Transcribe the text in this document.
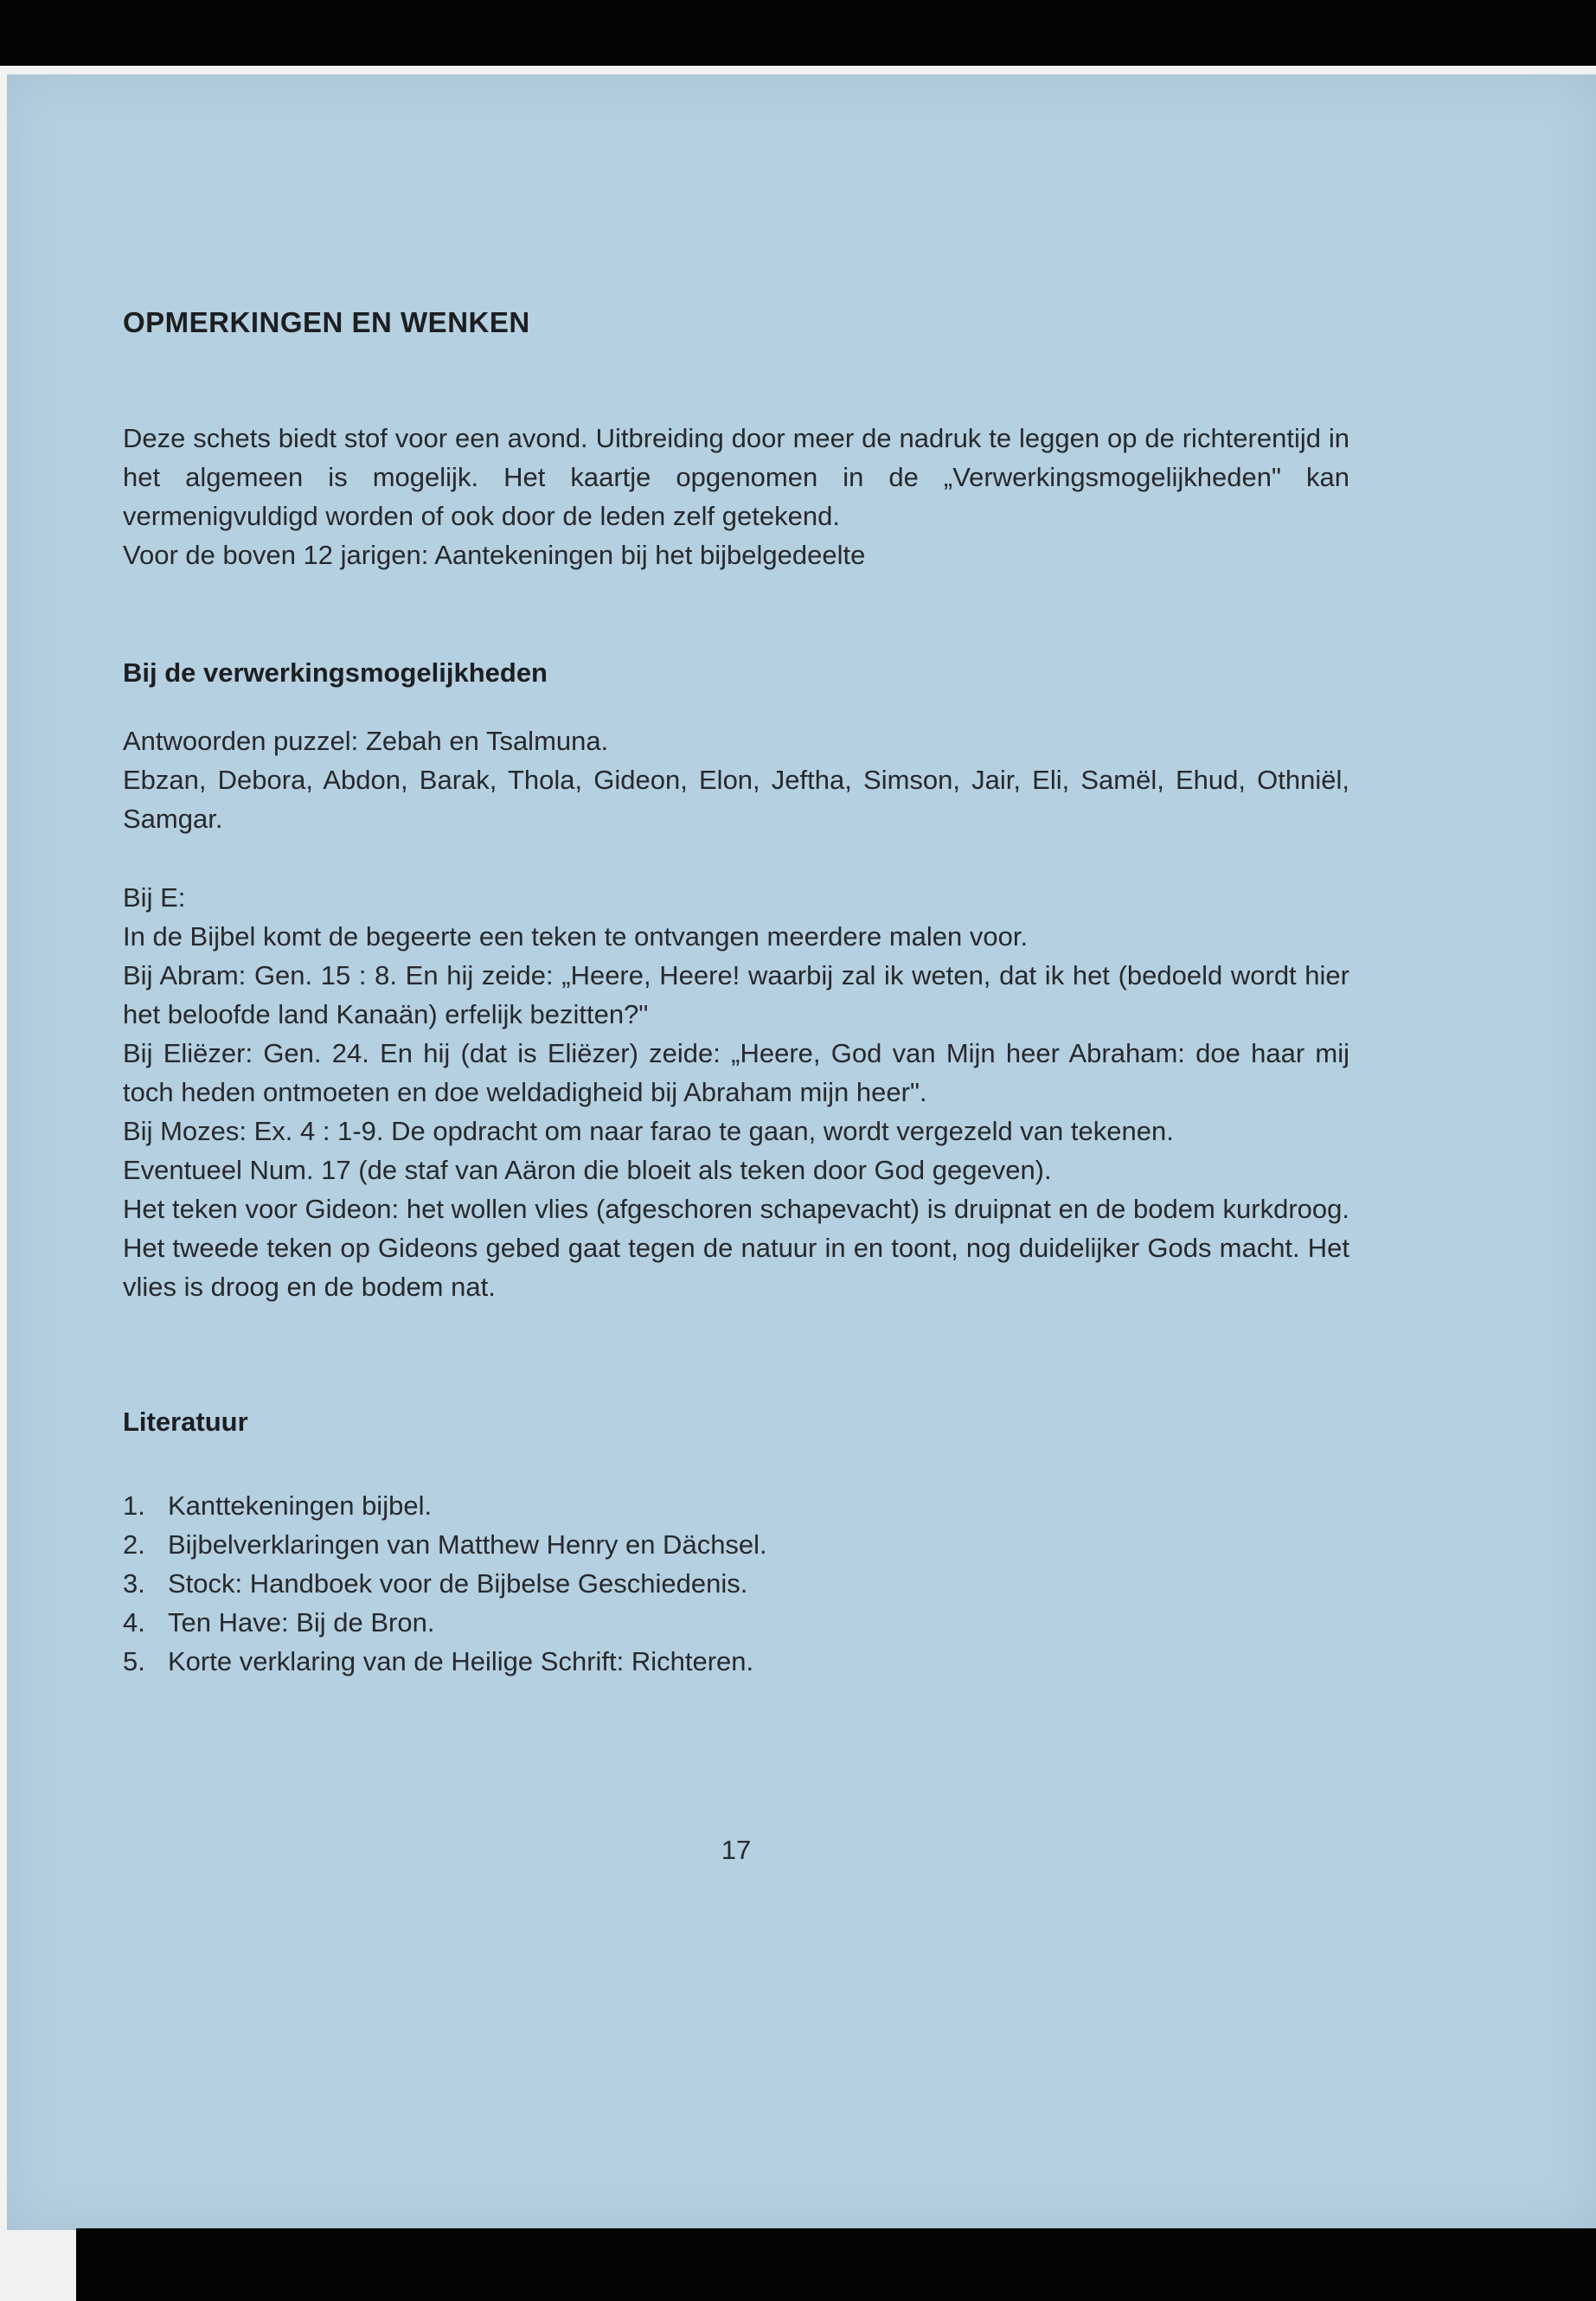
OPMERKINGEN EN WENKEN
Deze schets biedt stof voor een avond. Uitbreiding door meer de nadruk te leggen op de richterentijd in het algemeen is mogelijk. Het kaartje opgenomen in de „Verwerkingsmogelijkheden" kan vermenigvuldigd worden of ook door de leden zelf getekend.
Voor de boven 12 jarigen: Aantekeningen bij het bijbelgedeelte
Bij de verwerkingsmogelijkheden
Antwoorden puzzel: Zebah en Tsalmuna.
Ebzan, Debora, Abdon, Barak, Thola, Gideon, Elon, Jeftha, Simson, Jair, Eli, Samël, Ehud, Othniël, Samgar.
Bij E:
In de Bijbel komt de begeerte een teken te ontvangen meerdere malen voor.
Bij Abram: Gen. 15 : 8. En hij zeide: „Heere, Heere! waarbij zal ik weten, dat ik het (bedoeld wordt hier het beloofde land Kanaän) erfelijk bezitten?"
Bij Eliëzer: Gen. 24. En hij (dat is Eliëzer) zeide: „Heere, God van Mijn heer Abraham: doe haar mij toch heden ontmoeten en doe weldadigheid bij Abraham mijn heer".
Bij Mozes: Ex. 4 : 1-9. De opdracht om naar farao te gaan, wordt vergezeld van tekenen.
Eventueel Num. 17 (de staf van Aäron die bloeit als teken door God gegeven).
Het teken voor Gideon: het wollen vlies (afgeschoren schapevacht) is druipnat en de bodem kurkdroog. Het tweede teken op Gideons gebed gaat tegen de natuur in en toont, nog duidelijker Gods macht. Het vlies is droog en de bodem nat.
Literatuur
1. Kanttekeningen bijbel.
2. Bijbelverklaringen van Matthew Henry en Dächsel.
3. Stock: Handboek voor de Bijbelse Geschiedenis.
4. Ten Have: Bij de Bron.
5. Korte verklaring van de Heilige Schrift: Richteren.
17
